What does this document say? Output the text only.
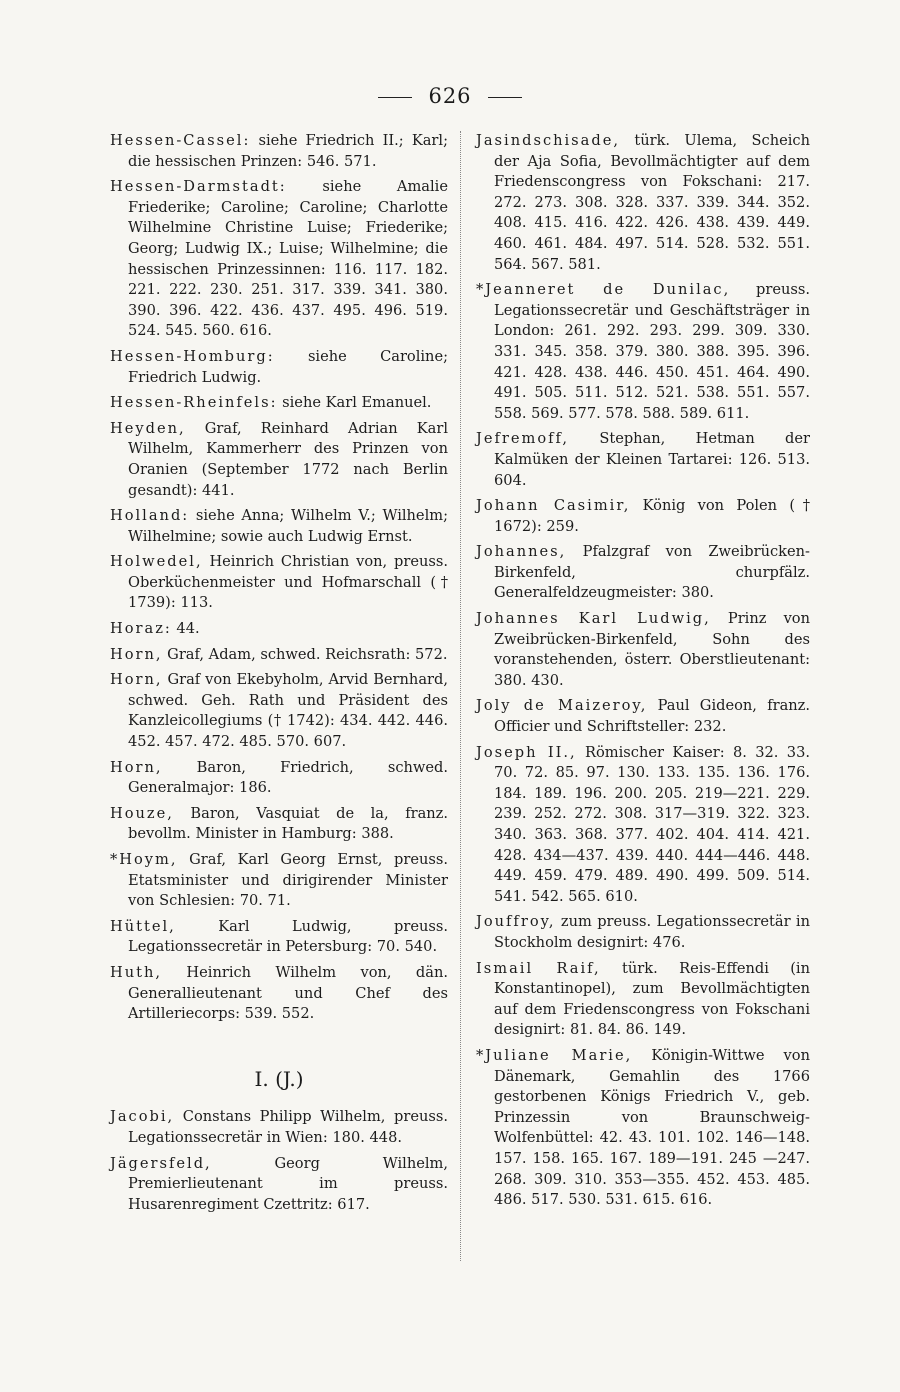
626
Hessen-Cassel: siehe Friedrich II.; Karl; die hessischen Prinzen: 546. 571.
Hessen-Darmstadt: siehe Amalie Friederike; Caroline; Caroline; Charlotte Wilhelmine Christine Luise; Friederike; Georg; Ludwig IX.; Luise; Wilhelmine; die hessischen Prinzessinnen: 116. 117. 182. 221. 222. 230. 251. 317. 339. 341. 380. 390. 396. 422. 436. 437. 495. 496. 519. 524. 545. 560. 616.
Hessen-Homburg: siehe Caroline; Friedrich Ludwig.
Hessen-Rheinfels: siehe Karl Emanuel.
Heyden, Graf, Reinhard Adrian Karl Wilhelm, Kammerherr des Prinzen von Oranien (September 1772 nach Berlin gesandt): 441.
Holland: siehe Anna; Wilhelm V.; Wilhelm; Wilhelmine; sowie auch Ludwig Ernst.
Holwedel, Heinrich Christian von, preuss. Oberküchenmeister und Hofmarschall († 1739): 113.
Horaz: 44.
Horn, Graf, Adam, schwed. Reichsrath: 572.
Horn, Graf von Ekebyholm, Arvid Bernhard, schwed. Geh. Rath und Präsident des Kanzleicollegiums († 1742): 434. 442. 446. 452. 457. 472. 485. 570. 607.
Horn, Baron, Friedrich, schwed. Generalmajor: 186.
Houze, Baron, Vasquiat de la, franz. bevollm. Minister in Hamburg: 388.
*Hoym, Graf, Karl Georg Ernst, preuss. Etatsminister und dirigirender Minister von Schlesien: 70. 71.
Hüttel, Karl Ludwig, preuss. Legationssecretär in Petersburg: 70. 540.
Huth, Heinrich Wilhelm von, dän. Generallieutenant und Chef des Artilleriecorps: 539. 552.
I. (J.)
Jacobi, Constans Philipp Wilhelm, preuss. Legationssecretär in Wien: 180. 448.
Jägersfeld, Georg Wilhelm, Premierlieutenant im preuss. Husarenregiment Czettritz: 617.
Jasindschisade, türk. Ulema, Scheich der Aja Sofia, Bevollmächtigter auf dem Friedenscongress von Fokschani: 217. 272. 273. 308. 328. 337. 339. 344. 352. 408. 415. 416. 422. 426. 438. 439. 449. 460. 461. 484. 497. 514. 528. 532. 551. 564. 567. 581.
*Jeanneret de Dunilac, preuss. Legationssecretär und Geschäftsträger in London: 261. 292. 293. 299. 309. 330. 331. 345. 358. 379. 380. 388. 395. 396. 421. 428. 438. 446. 450. 451. 464. 490. 491. 505. 511. 512. 521. 538. 551. 557. 558. 569. 577. 578. 588. 589. 611.
Jefremoff, Stephan, Hetman der Kalmüken der Kleinen Tartarei: 126. 513. 604.
Johann Casimir, König von Polen († 1672): 259.
Johannes, Pfalzgraf von Zweibrücken-Birkenfeld, churpfälz. Generalfeldzeugmeister: 380.
Johannes Karl Ludwig, Prinz von Zweibrücken-Birkenfeld, Sohn des voranstehenden, österr. Oberstlieutenant: 380. 430.
Joly de Maizeroy, Paul Gideon, franz. Officier und Schriftsteller: 232.
Joseph II., Römischer Kaiser: 8. 32. 33. 70. 72. 85. 97. 130. 133. 135. 136. 176. 184. 189. 196. 200. 205. 219—221. 229. 239. 252. 272. 308. 317—319. 322. 323. 340. 363. 368. 377. 402. 404. 414. 421. 428. 434—437. 439. 440. 444—446. 448. 449. 459. 479. 489. 490. 499. 509. 514. 541. 542. 565. 610.
Jouffroy, zum preuss. Legationssecretär in Stockholm designirt: 476.
Ismail Raif, türk. Reis-Effendi (in Konstantinopel), zum Bevollmächtigten auf dem Friedenscongress von Fokschani designirt: 81. 84. 86. 149.
*Juliane Marie, Königin-Wittwe von Dänemark, Gemahlin des 1766 gestorbenen Königs Friedrich V., geb. Prinzessin von Braunschweig-Wolfenbüttel: 42. 43. 101. 102. 146—148. 157. 158. 165. 167. 189—191. 245 —247. 268. 309. 310. 353—355. 452. 453. 485. 486. 517. 530. 531. 615. 616.
